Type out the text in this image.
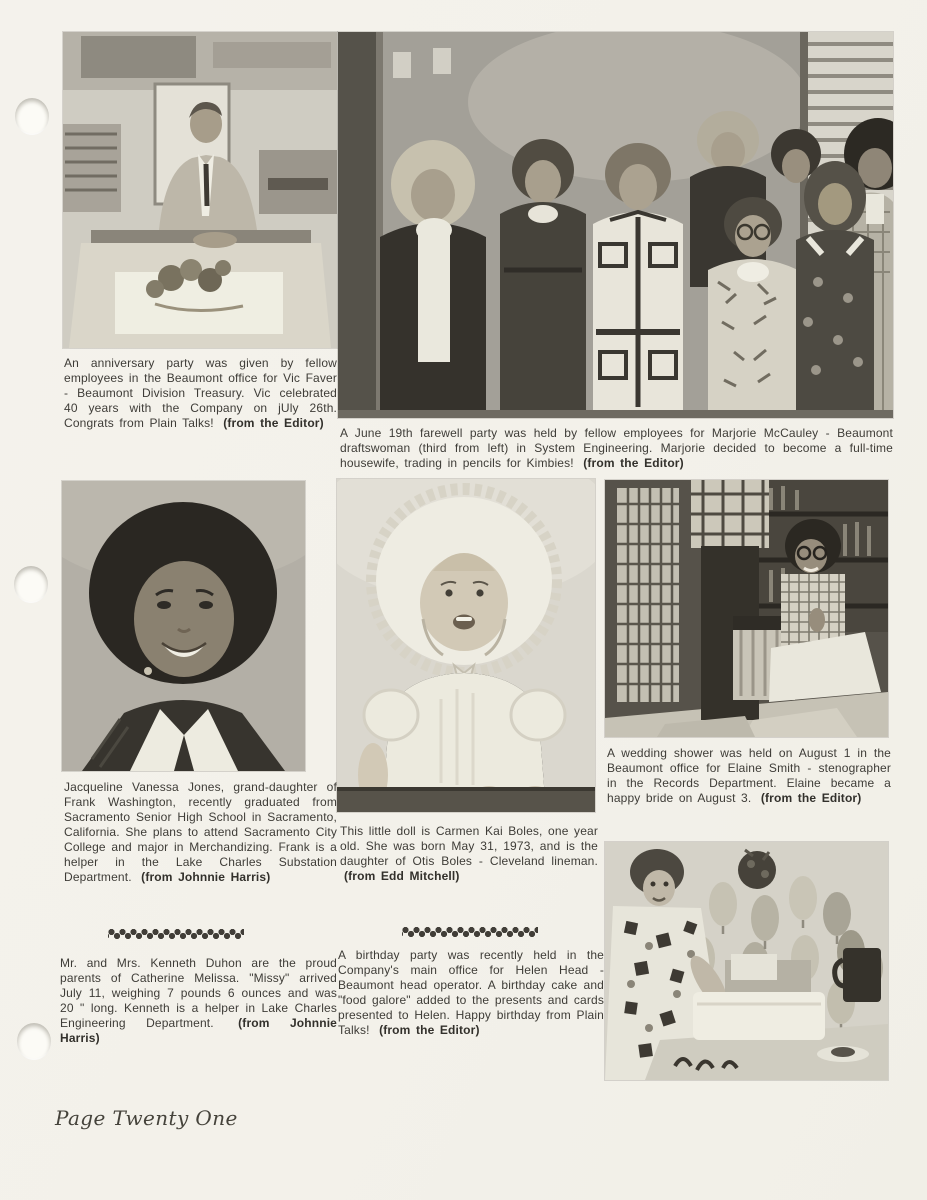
An anniversary party was given by fellow employees in the Beaumont office for Vic Faver - Beaumont Division Treasury. Vic celebrated 40 years with the Company on jUly 26th. Congrats from Plain Talks! (from the Editor)

A June 19th farewell party was held by fellow employees for Marjorie McCauley - Beaumont draftswoman (third from left) in System Engineering. Marjorie decided to become a full-time housewife, trading in pencils for Kimbies! (from the Editor)

Jacqueline Vanessa Jones, grand-daughter of Frank Washington, recently graduated from Sacramento Senior High School in Sacramento, California. She plans to attend Sacramento City College and major in Merchandizing. Frank is a helper in the Lake Charles Substation Department. (from Johnnie Harris)

This little doll is Carmen Kai Boles, one year old. She was born May 31, 1973, and is the daughter of Otis Boles - Cleveland lineman. (from Edd Mitchell)

A wedding shower was held on August 1 in the Beaumont office for Elaine Smith - stenographer in the Records Department. Elaine became a happy bride on August 3. (from the Editor)

Mr. and Mrs. Kenneth Duhon are the proud parents of Catherine Melissa. "Missy" arrived July 11, weighing 7 pounds 6 ounces and was 20 " long. Kenneth is a helper in Lake Charles Engineering Department. (from Johnnie Harris)

A birthday party was recently held in the Company's main office for Helen Head - Beaumont head operator. A birthday cake and "food galore" added to the presents and cards presented to Helen. Happy birthday from Plain Talks! (from the Editor)

Page Twenty One
